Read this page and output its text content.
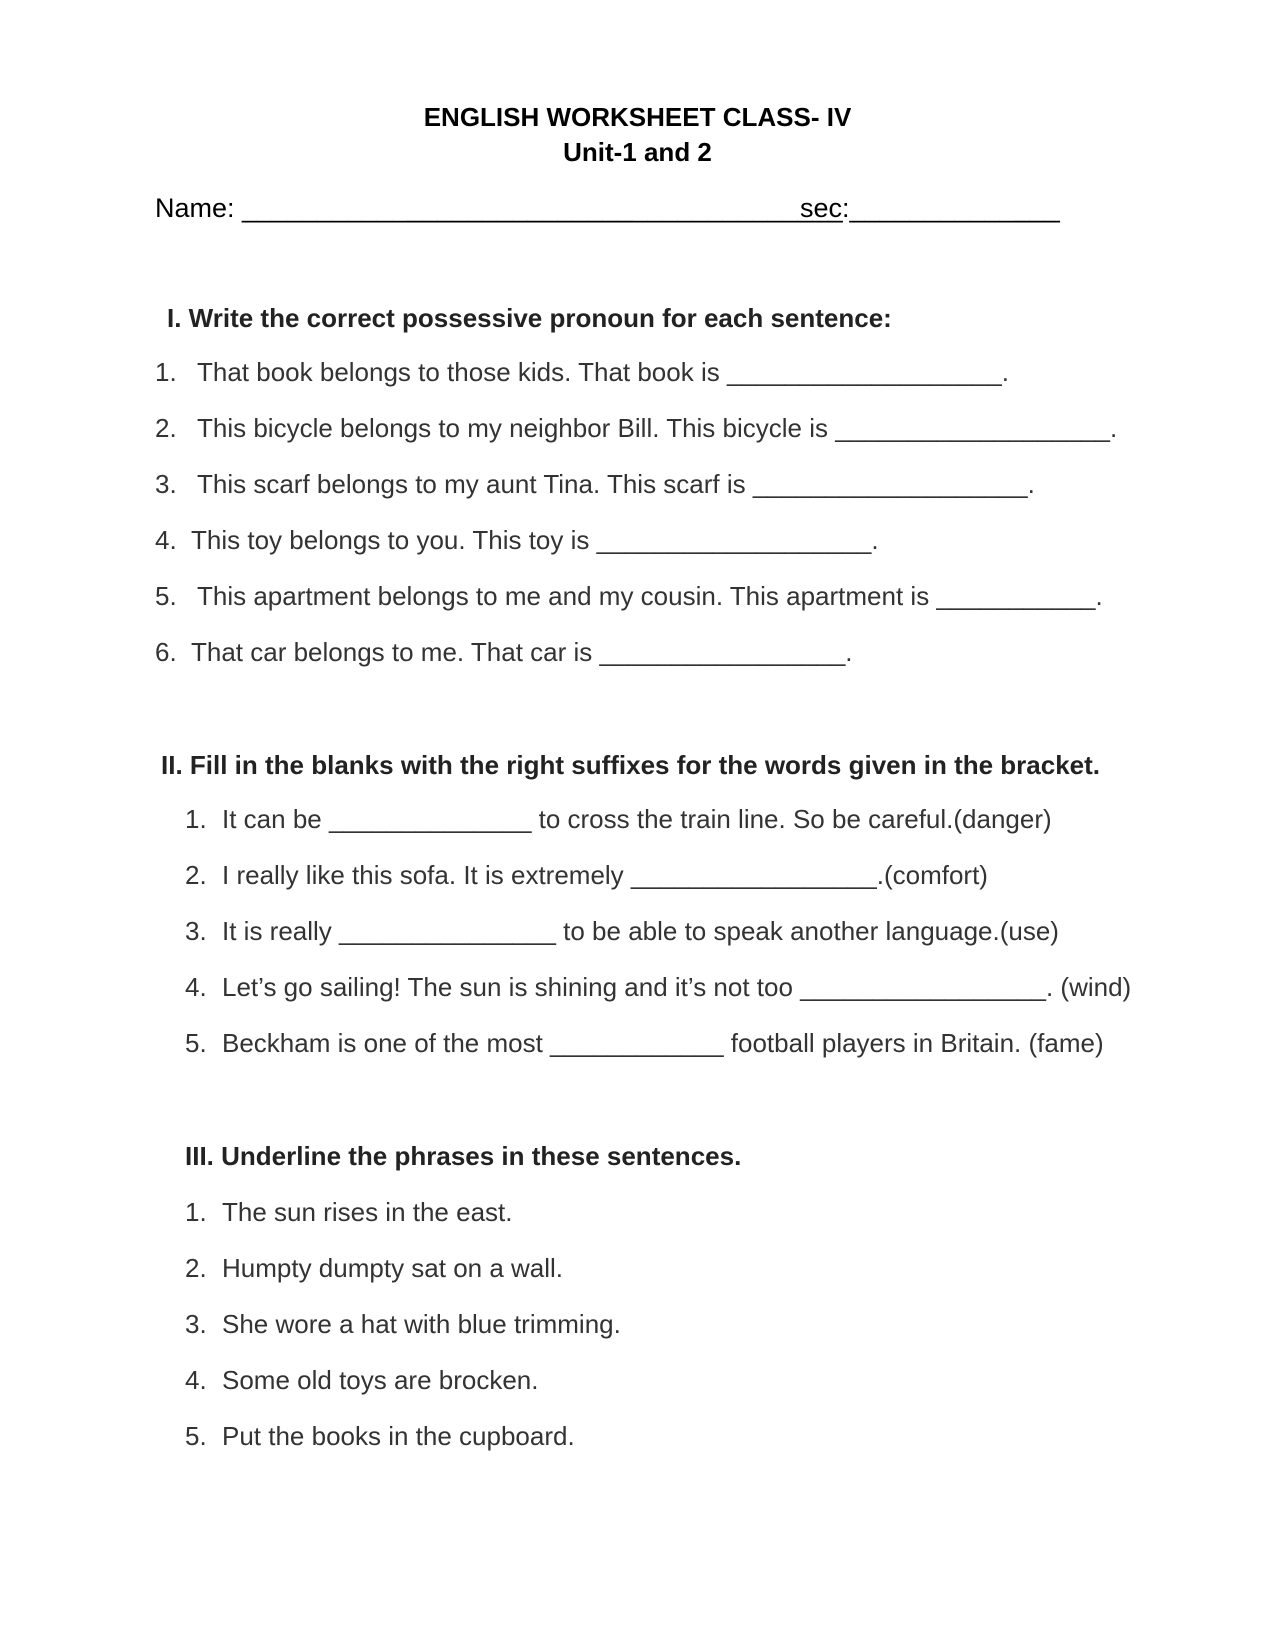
ENGLISH WORKSHEET CLASS- IV
Unit-1 and 2
Name: ________________________________________
sec:______________
I. Write the correct possessive pronoun for each sentence:
1. That book belongs to those kids. That book is ___________________.
2. This bicycle belongs to my neighbor Bill. This bicycle is ___________________.
3. This scarf belongs to my aunt Tina. This scarf is ___________________.
4. This toy belongs to you. This toy is ___________________.
5. This apartment belongs to me and my cousin. This apartment is ___________.
6. That car belongs to me. That car is _________________.
II. Fill in the blanks with the right suffixes for the words given in the bracket.
1. It can be ______________ to cross the train line. So be careful.(danger)
2. I really like this sofa. It is extremely _________________.(comfort)
3. It is really _______________ to be able to speak another language.(use)
4. Let’s go sailing! The sun is shining and it’s not too _________________. (wind)
5. Beckham is one of the most ____________ football players in Britain. (fame)
III. Underline the phrases in these sentences.
1. The sun rises in the east.
2. Humpty dumpty sat on a wall.
3. She wore a hat with blue trimming.
4. Some old toys are brocken.
5. Put the books in the cupboard.
